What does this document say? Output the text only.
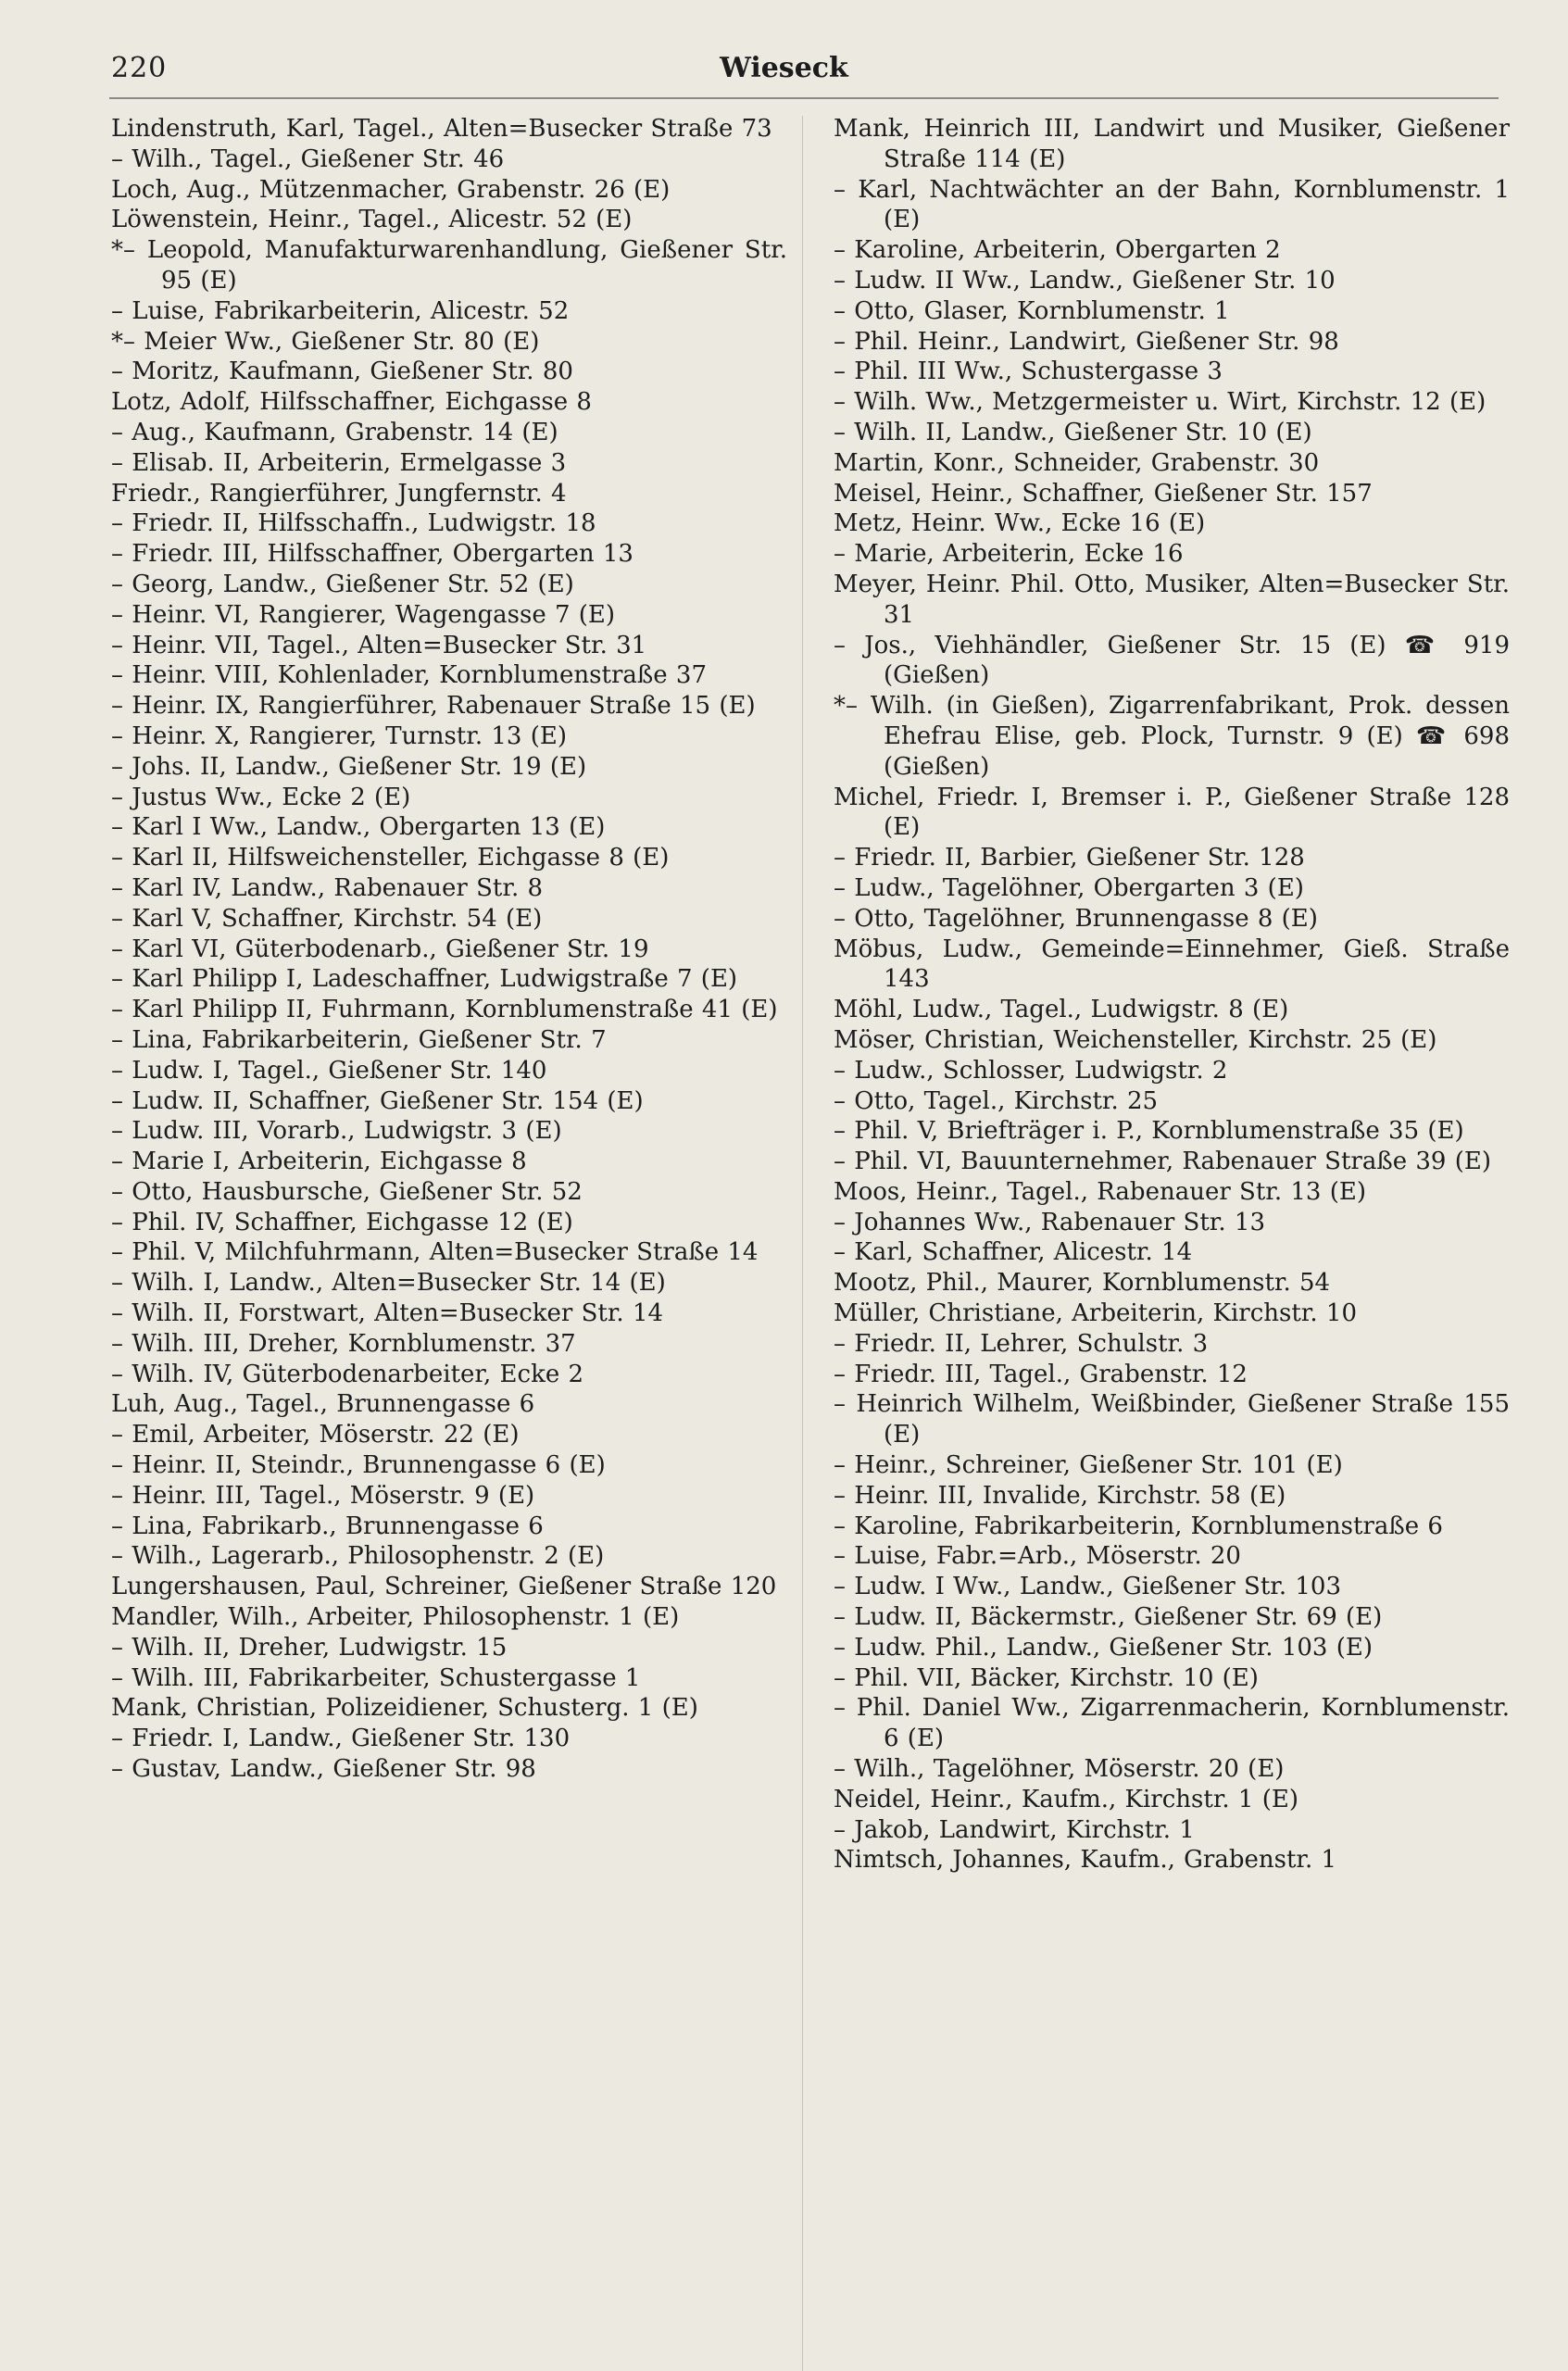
220	Wieseck
Lindenstruth, Karl, Tagel., Alten=Busecker Straße 73
– Wilh., Tagel., Gießener Str. 46
Loch, Aug., Mützenmacher, Grabenstr. 26 (E)
Löwenstein, Heinr., Tagel., Alicestr. 52 (E)
*– Leopold, Manufakturwarenhandlung, Gießener Str. 95 (E)
– Luise, Fabrikarbeiterin, Alicestr. 52
*– Meier Ww., Gießener Str. 80 (E)
– Moritz, Kaufmann, Gießener Str. 80
Lotz, Adolf, Hilfsschaffner, Eichgasse 8
– Aug., Kaufmann, Grabenstr. 14 (E)
– Elisab. II, Arbeiterin, Ermelgasse 3
Friedr., Rangierführer, Jungfernstr. 4
– Friedr. II, Hilfsschaffn., Ludwigstr. 18
– Friedr. III, Hilfsschaffner, Obergarten 13
– Georg, Landw., Gießener Str. 52 (E)
– Heinr. VI, Rangierer, Wagengasse 7 (E)
– Heinr. VII, Tagel., Alten=Busecker Str. 31
– Heinr. VIII, Kohlenlader, Kornblumenstraße 37
– Heinr. IX, Rangierführer, Rabenauer Straße 15 (E)
– Heinr. X, Rangierer, Turnstr. 13 (E)
– Johs. II, Landw., Gießener Str. 19 (E)
– Justus Ww., Ecke 2 (E)
– Karl I Ww., Landw., Obergarten 13 (E)
– Karl II, Hilfsweichensteller, Eichgasse 8 (E)
– Karl IV, Landw., Rabenauer Str. 8
– Karl V, Schaffner, Kirchstr. 54 (E)
– Karl VI, Güterbodenarb., Gießener Str. 19
– Karl Philipp I, Ladeschaffner, Ludwigstraße 7 (E)
– Karl Philipp II, Fuhrmann, Kornblumenstraße 41 (E)
– Lina, Fabrikarbeiterin, Gießener Str. 7
– Ludw. I, Tagel., Gießener Str. 140
– Ludw. II, Schaffner, Gießener Str. 154 (E)
– Ludw. III, Vorarb., Ludwigstr. 3 (E)
– Marie I, Arbeiterin, Eichgasse 8
– Otto, Hausbursche, Gießener Str. 52
– Phil. IV, Schaffner, Eichgasse 12 (E)
– Phil. V, Milchfuhrmann, Alten=Busecker Straße 14
– Wilh. I, Landw., Alten=Busecker Str. 14 (E)
– Wilh. II, Forstwart, Alten=Busecker Str. 14
– Wilh. III, Dreher, Kornblumenstr. 37
– Wilh. IV, Güterbodenarbeiter, Ecke 2
Luh, Aug., Tagel., Brunnengasse 6
– Emil, Arbeiter, Möserstr. 22 (E)
– Heinr. II, Steindr., Brunnengasse 6 (E)
– Heinr. III, Tagel., Möserstr. 9 (E)
– Lina, Fabrikarb., Brunnengasse 6
– Wilh., Lagerarb., Philosophenstr. 2 (E)
Lungershausen, Paul, Schreiner, Gießener Straße 120
Mandler, Wilh., Arbeiter, Philosophenstr. 1 (E)
– Wilh. II, Dreher, Ludwigstr. 15
– Wilh. III, Fabrikarbeiter, Schustergasse 1
Mank, Christian, Polizeidiener, Schusterg. 1 (E)
– Friedr. I, Landw., Gießener Str. 130
– Gustav, Landw., Gießener Str. 98
Mank, Heinrich III, Landwirt und Musiker, Gießener Straße 114 (E)
– Karl, Nachtwächter an der Bahn, Kornblumenstr. 1 (E)
– Karoline, Arbeiterin, Obergarten 2
– Ludw. II Ww., Landw., Gießener Str. 10
– Otto, Glaser, Kornblumenstr. 1
– Phil. Heinr., Landwirt, Gießener Str. 98
– Phil. III Ww., Schustergasse 3
– Wilh. Ww., Metzgermeister u. Wirt, Kirchstr. 12 (E)
– Wilh. II, Landw., Gießener Str. 10 (E)
Martin, Konr., Schneider, Grabenstr. 30
Meisel, Heinr., Schaffner, Gießener Str. 157
Metz, Heinr. Ww., Ecke 16 (E)
– Marie, Arbeiterin, Ecke 16
Meyer, Heinr. Phil. Otto, Musiker, Alten=Busecker Str. 31
– Jos., Viehhändler, Gießener Str. 15 (E) ☎ 919 (Gießen)
*– Wilh. (in Gießen), Zigarrenfabrikant, Prok. dessen Ehefrau Elise, geb. Plock, Turnstr. 9 (E) ☎ 698 (Gießen)
Michel, Friedr. I, Bremser i. P., Gießener Straße 128 (E)
– Friedr. II, Barbier, Gießener Str. 128
– Ludw., Tagelöhner, Obergarten 3 (E)
– Otto, Tagelöhner, Brunnengasse 8 (E)
Möbus, Ludw., Gemeinde=Einnehmer, Gieß. Straße 143
Möhl, Ludw., Tagel., Ludwigstr. 8 (E)
Möser, Christian, Weichensteller, Kirchstr. 25 (E)
– Ludw., Schlosser, Ludwigstr. 2
– Otto, Tagel., Kirchstr. 25
– Phil. V, Briefträger i. P., Kornblumenstraße 35 (E)
– Phil. VI, Bauunternehmer, Rabenauer Straße 39 (E)
Moos, Heinr., Tagel., Rabenauer Str. 13 (E)
– Johannes Ww., Rabenauer Str. 13
– Karl, Schaffner, Alicestr. 14
Mootz, Phil., Maurer, Kornblumenstr. 54
Müller, Christiane, Arbeiterin, Kirchstr. 10
– Friedr. II, Lehrer, Schulstr. 3
– Friedr. III, Tagel., Grabenstr. 12
– Heinrich Wilhelm, Weißbinder, Gießener Straße 155 (E)
– Heinr., Schreiner, Gießener Str. 101 (E)
– Heinr. III, Invalide, Kirchstr. 58 (E)
– Karoline, Fabrikarbeiterin, Kornblumenstraße 6
– Luise, Fabr.=Arb., Möserstr. 20
– Ludw. I Ww., Landw., Gießener Str. 103
– Ludw. II, Bäckermstr., Gießener Str. 69 (E)
– Ludw. Phil., Landw., Gießener Str. 103 (E)
– Phil. VII, Bäcker, Kirchstr. 10 (E)
– Phil. Daniel Ww., Zigarrenmacherin, Kornblumenstr. 6 (E)
– Wilh., Tagelöhner, Möserstr. 20 (E)
Neidel, Heinr., Kaufm., Kirchstr. 1 (E)
– Jakob, Landwirt, Kirchstr. 1
Nimtsch, Johannes, Kaufm., Grabenstr. 1
